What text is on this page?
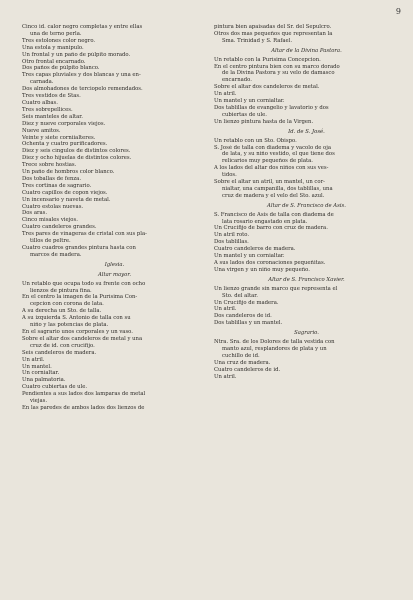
9
Cinco id. calor negro completas y entre ellas
una de terno perla.
Tres estolones color negro.
Una estola y manipulo.
Un frontal y un paño de púlpito morado.
Otro frontal encarnado.
Dos paños de púlpito blanco.
Tres capas pluviales y dos blancas y una en-
carnada.
Dos almohadones de terciopelo remendados.
Tres vestidos de Stas.
Cuatro albas.
Tres sobrepellices.
Seis manteles de altar.
Diez y nueve corporales viejos.
Nueve amitos.
Veinte y siete corniialteres.
Ochenta y cuatro purificadores.
Diez y seis cíngulos de distintos colores.
Diez y ocho hijuelas de distintos colores.
Trece sobre hostias.
Un paño de hombros color blanco.
Dos toballas de fenza.
Tres cortinas de sagrario.
Cuatro capillos de copon viejos.
Un incensario y naveta de metal.
Cuatro estolas nuevas.
Dos aras.
Cinco misales viejos.
Cuatro candeleros grandes.
Tres pares de vinageras de cristal con sus pla-
tillos de peltre.
Cuatro cuadros grandes pintura hasta con
marcos de madera.
Iglesia.
Altar mayor.
Un retablo que ocupa todo su frente con ocho
lienzos de pintura fina.
En el centro la imagen de la Purísima Con-
cepcion con corona de lata.
A su derecha un Sto. de talla.
A su izquierda S. Antonio de talla con su
niño y las potencias de plata.
En el sagrario unos corporales y un vaso.
Sobre el altar dos candeleros de metal y una
cruz de id. con crucifijo.
Seis candeleros de madera.
Un atril.
Un mantel.
Un cornialtar.
Una palmatoria.
Cuatro cubiertas de ule.
Pendientes a sus lados dos lamparas de metal
viejas.
En las paredes de ambos lados dos lienzos de
pintura bien apaisadas del Sr. del Sepulcro.
Otros dos mas pequeños que representan la
Sma. Trinidad y S. Rafael.
Altar de la Divina Pastora.
Un retablo con la Purísima Concepcion.
En el centro pintura bien con su marco dorado
de la Divina Pastora y su velo de damasco
encarnado.
Sobre el altar dos candeleros de metal.
Un atril.
Un mantel y un cornialtar.
Dos tablillas de evangelio y lavatorio y dos
cubiertas de ule.
Un lienzo pintura hasta de la Virgen.
Id. de S. José.
Un retablo con un Sto. Obispo.
S. José de talla con diadema y vacolo de oja
de lata, y su niño vestido, el que tiene dos
relicarios muy pequeños de plata.
A los lados del altar dos niños con sus ves-
tidos.
Sobre el altar un atril, un mantel, un cor-
nialtar, una campanilla, dos tablillas, una
cruz de madera y el velo del Sto. azul.
Altar de S. Francisco de Asis.
S. Francisco de Asis de talla con diadema de
lata rosario engastado en plata.
Un Crucifijo de barro con cruz de madera.
Un atril roto.
Dos tablillas.
Cuatro candeleros de madera.
Un mantel y un cornialtar.
A sus lados dos coronaciones pequeñitas.
Una virgen y un niño muy pequeño.
Altar de S. Francisco Xavier.
Un lienzo grande sin marco que representa el
Sto. del altar.
Un Crucifijo de madera.
Un atril.
Dos candeleros de id.
Dos tablillas y un mantel.
Sagrario.
Ntra. Sra. de los Dolores de talla vestida con
manto azul, resplandores de plata y un
cuchillo de id.
Una cruz de madera.
Cuatro candeleros de id.
Un atril.
